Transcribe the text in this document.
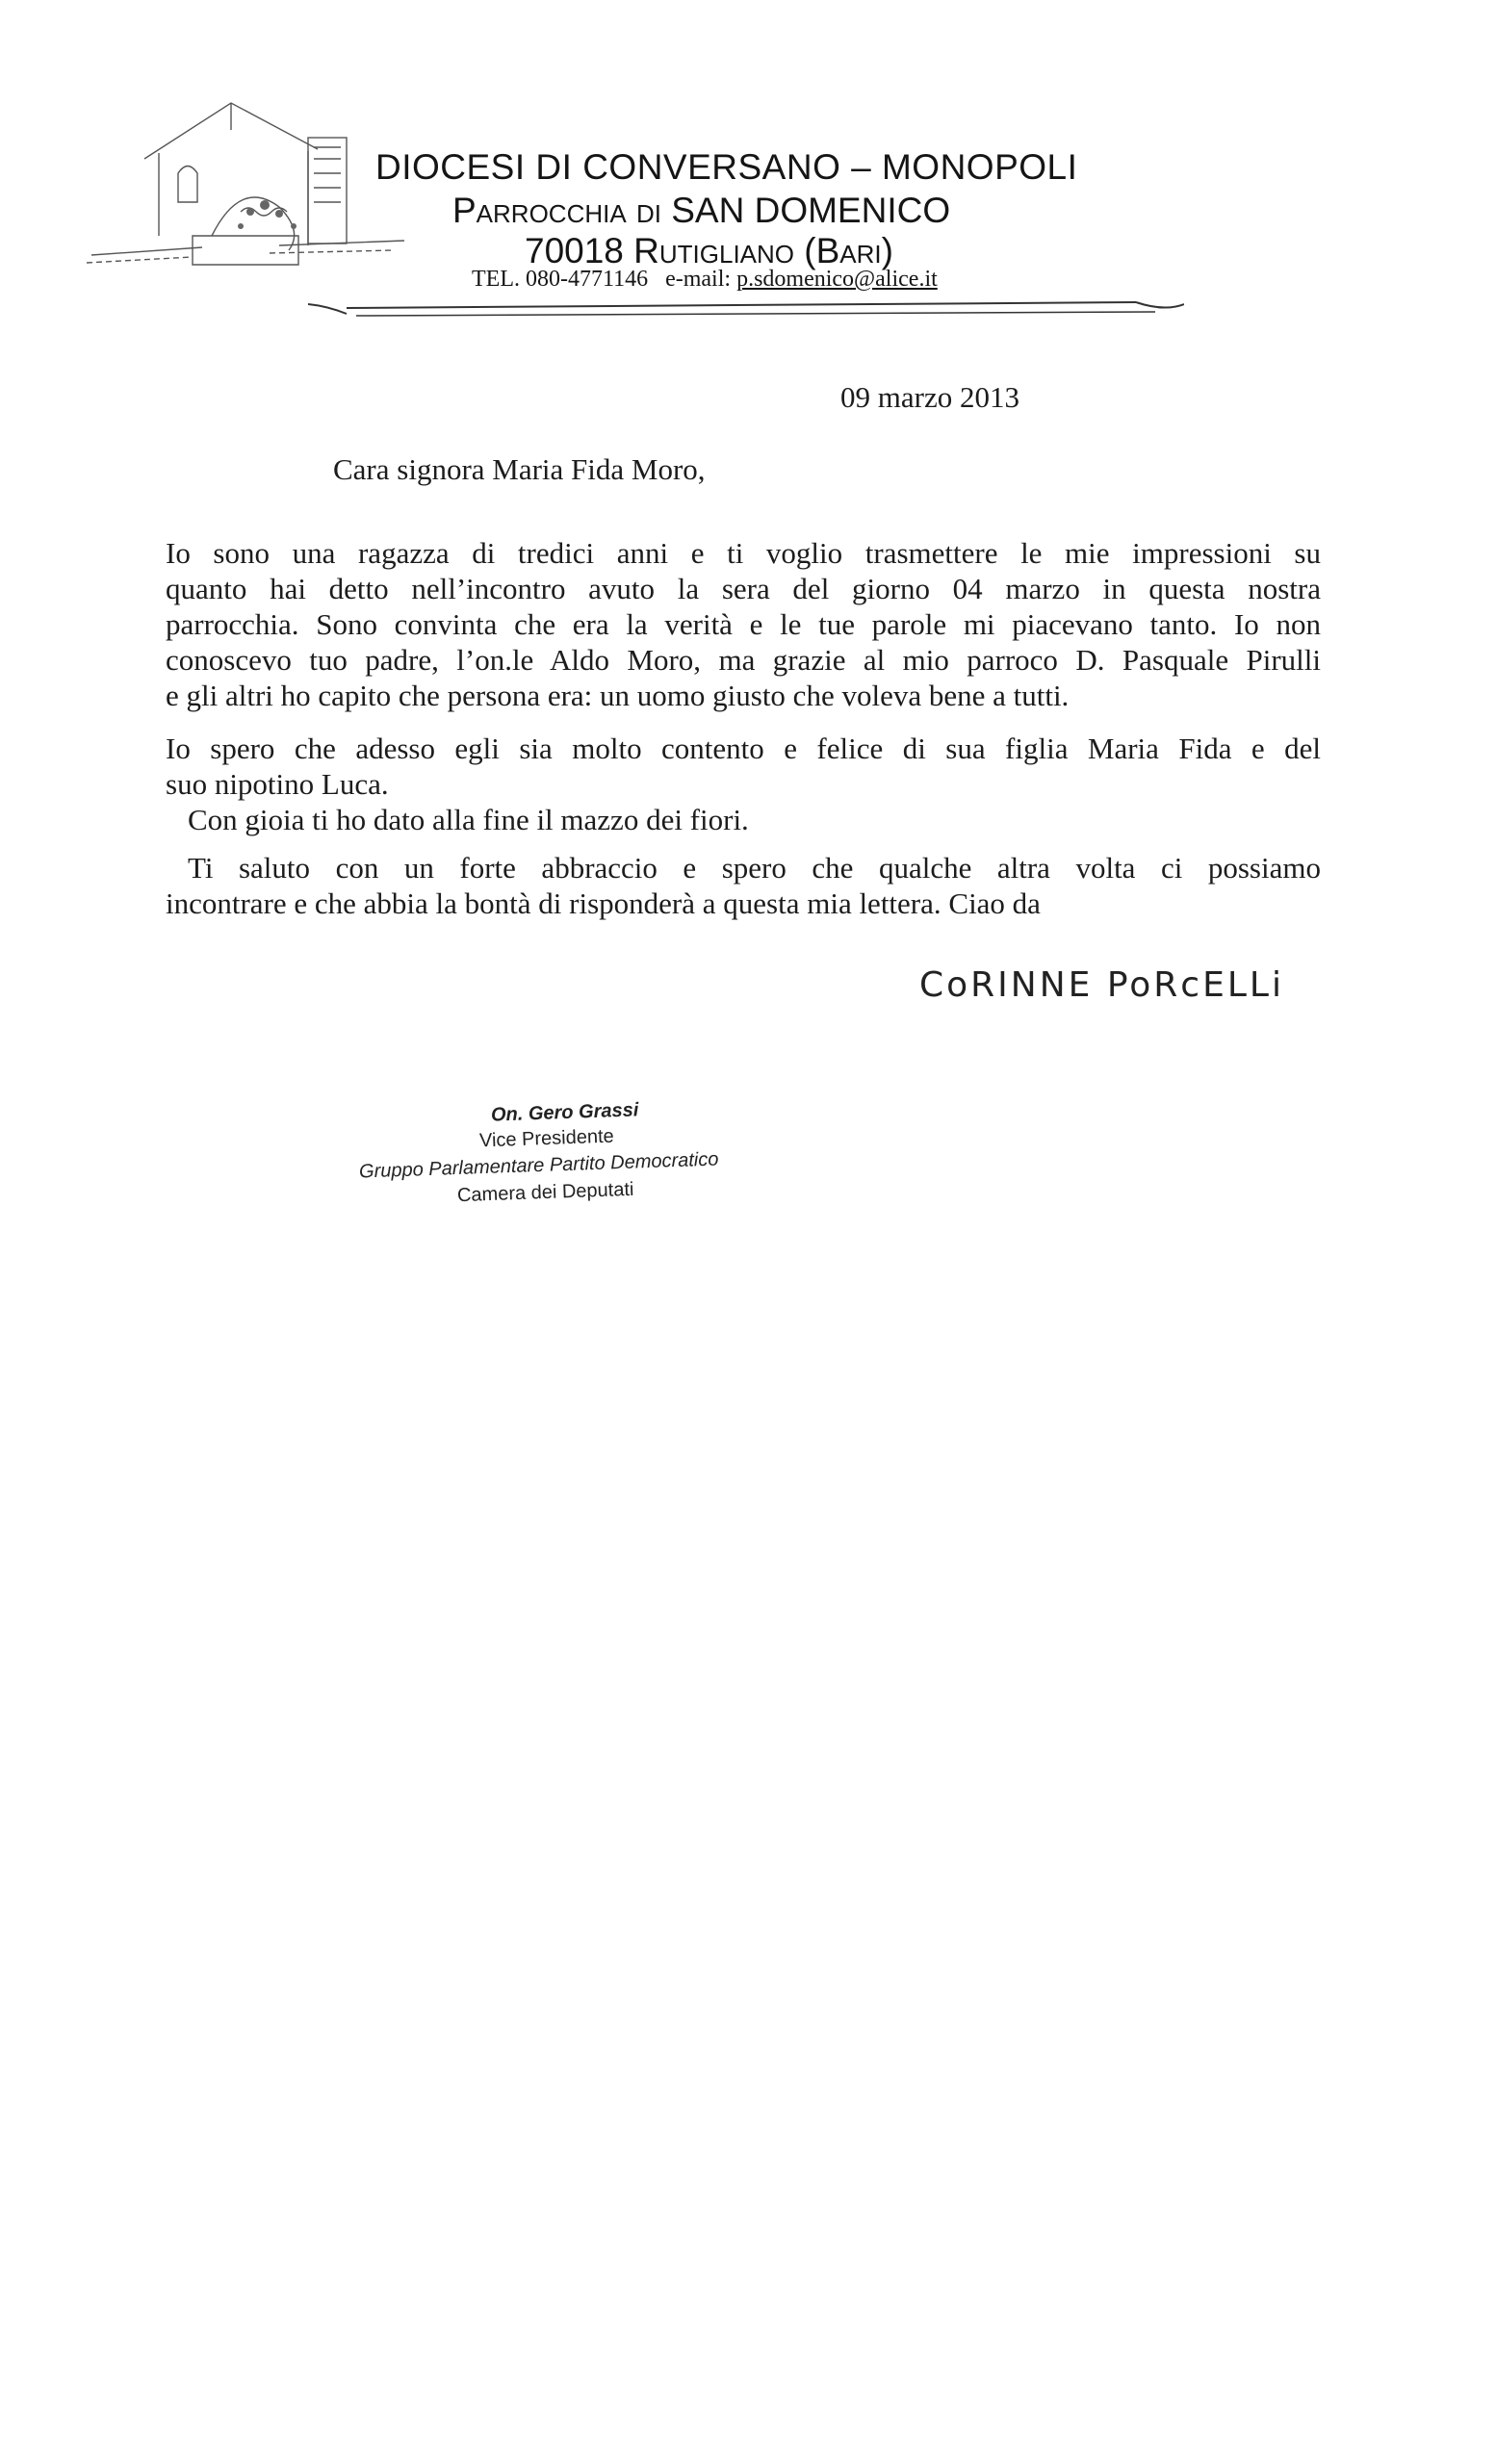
DIOCESI DI CONVERSANO – MONOPOLI
Parrocchia di SAN DOMENICO
70018 Rutigliano (Bari)
TEL. 080-4771146 e-mail: p.sdomenico@alice.it
09 marzo 2013
Cara signora Maria Fida Moro,
Io sono una ragazza di tredici anni e ti voglio trasmettere le mie impressioni su
quanto hai detto nell’incontro avuto la sera del giorno 04 marzo in questa nostra
parrocchia. Sono convinta che era la verità e le tue parole mi piacevano tanto. Io non
conoscevo tuo padre, l’on.le Aldo Moro, ma grazie al mio parroco D. Pasquale Pirulli
e gli altri ho capito che persona era: un uomo giusto che voleva bene a tutti.
Io spero che adesso egli sia molto contento e felice di sua figlia Maria Fida e del
suo nipotino Luca.
Con gioia ti ho dato alla fine il mazzo dei fiori.
Ti saluto con un forte abbraccio e spero che qualche altra volta ci possiamo
incontrare e che abbia la bontà di risponderà a questa mia lettera. Ciao da
CoRINNE PoRcELLi
On. Gero Grassi
Vice Presidente
Gruppo Parlamentare Partito Democratico
Camera dei Deputati
